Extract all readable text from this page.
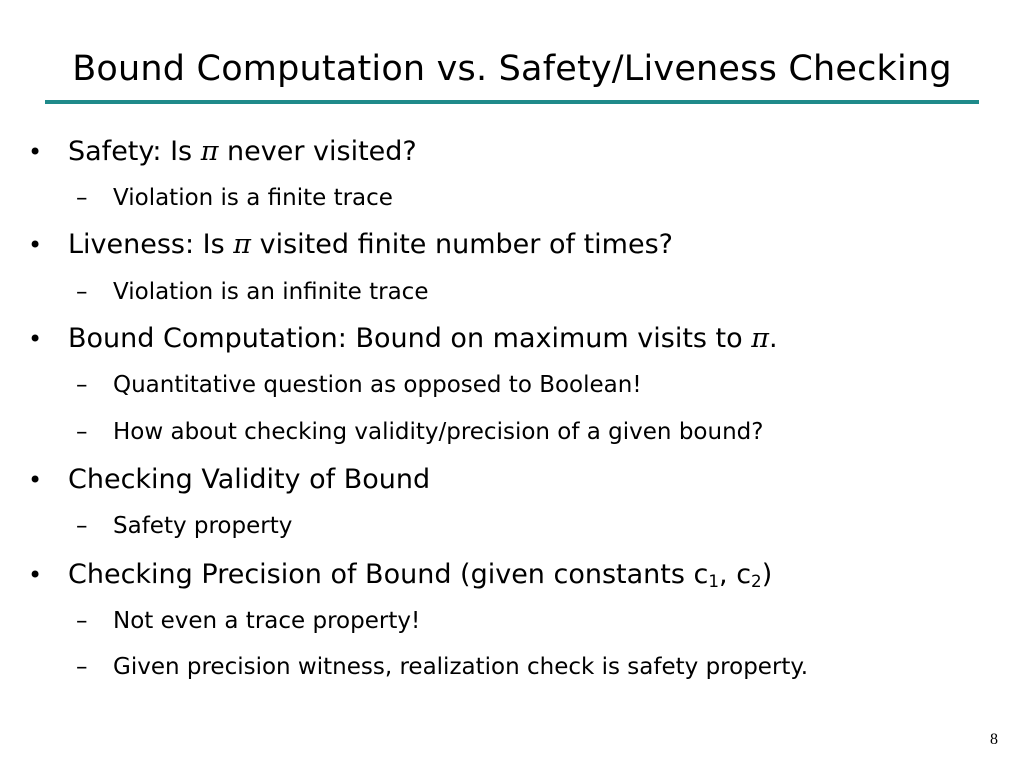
Bound Computation vs. Safety/Liveness Checking
• Safety: Is π never visited?
– Violation is a finite trace
• Liveness: Is π visited finite number of times?
– Violation is an infinite trace
• Bound Computation: Bound on maximum visits to π.
– Quantitative question as opposed to Boolean!
– How about checking validity/precision of a given bound?
• Checking Validity of Bound
– Safety property
• Checking Precision of Bound (given constants $c_1$, $c_2$)
– Not even a trace property!
– Given precision witness, realization check is safety property.
8
